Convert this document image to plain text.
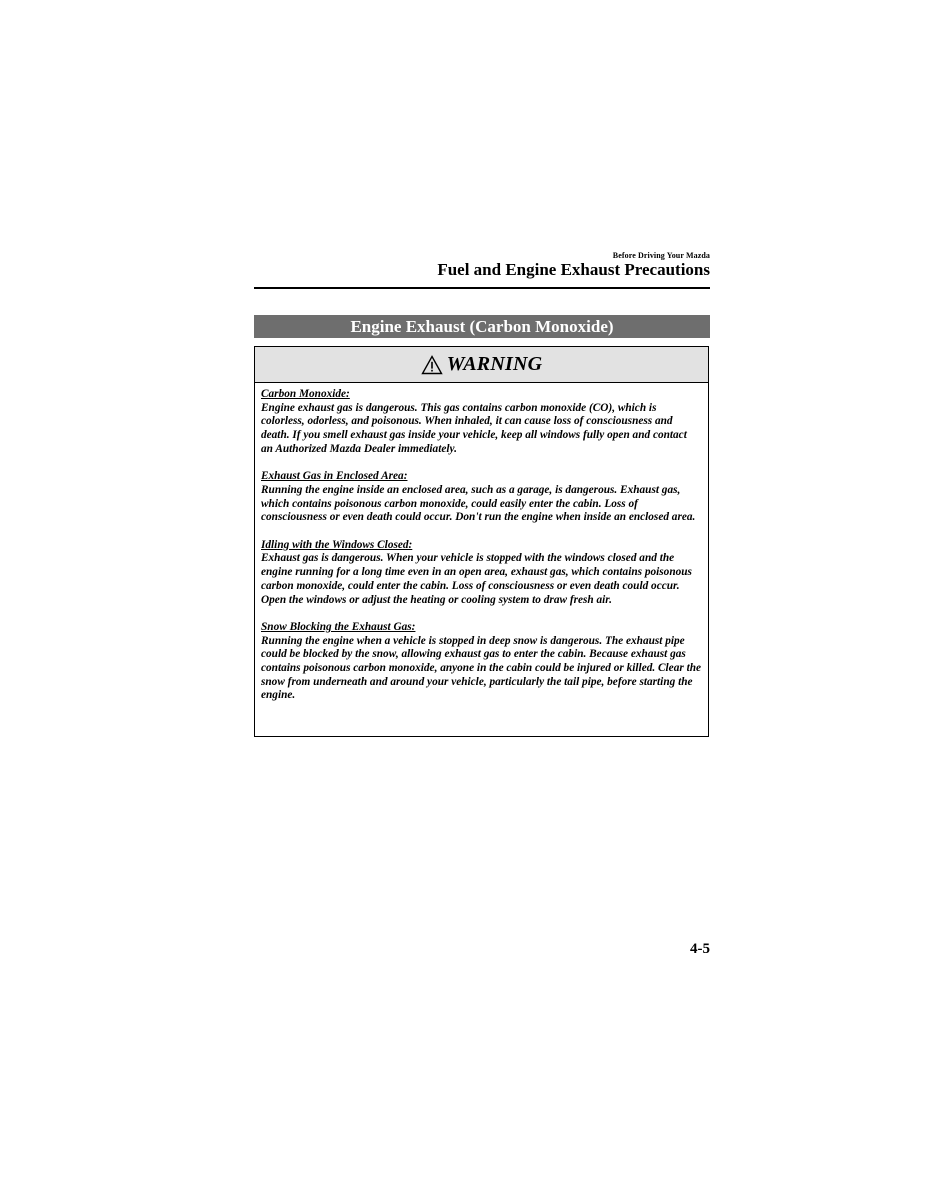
Before Driving Your Mazda
Fuel and Engine Exhaust Precautions
Engine Exhaust (Carbon Monoxide)
WARNING
Carbon Monoxide:
Engine exhaust gas is dangerous. This gas contains carbon monoxide (CO), which is colorless, odorless, and poisonous. When inhaled, it can cause loss of consciousness and death. If you smell exhaust gas inside your vehicle, keep all windows fully open and contact an Authorized Mazda Dealer immediately.
Exhaust Gas in Enclosed Area:
Running the engine inside an enclosed area, such as a garage, is dangerous. Exhaust gas, which contains poisonous carbon monoxide, could easily enter the cabin. Loss of consciousness or even death could occur. Don't run the engine when inside an enclosed area.
Idling with the Windows Closed:
Exhaust gas is dangerous. When your vehicle is stopped with the windows closed and the engine running for a long time even in an open area, exhaust gas, which contains poisonous carbon monoxide, could enter the cabin. Loss of consciousness or even death could occur. Open the windows or adjust the heating or cooling system to draw fresh air.
Snow Blocking the Exhaust Gas:
Running the engine when a vehicle is stopped in deep snow is dangerous. The exhaust pipe could be blocked by the snow, allowing exhaust gas to enter the cabin. Because exhaust gas contains poisonous carbon monoxide, anyone in the cabin could be injured or killed. Clear the snow from underneath and around your vehicle, particularly the tail pipe, before starting the engine.
4-5
